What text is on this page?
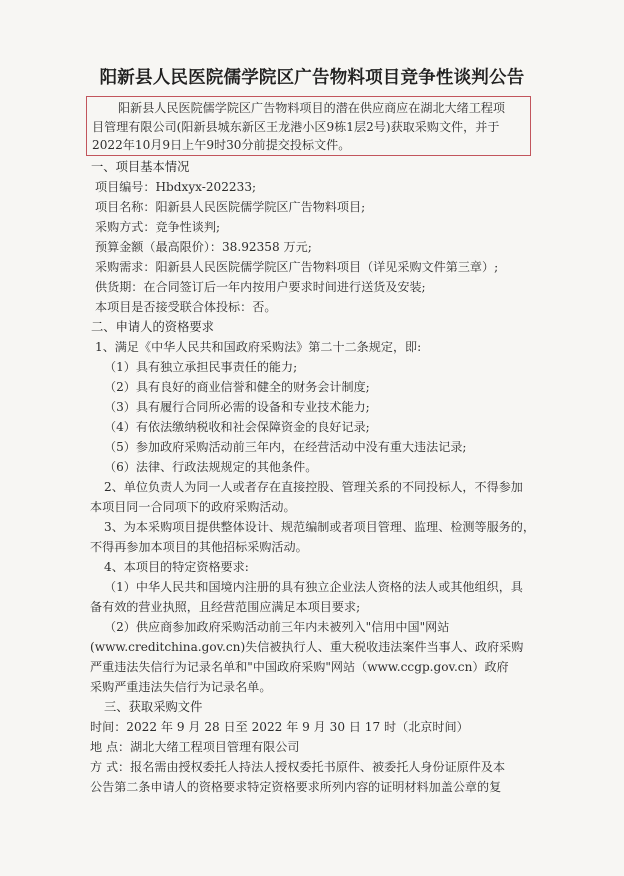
阳新县人民医院儒学院区广告物料项目竞争性谈判公告
阳新县人民医院儒学院区广告物料项目的潜在供应商应在湖北大绪工程项
目管理有限公司(阳新县城东新区王龙港小区9栋1层2号)获取采购文件，并于
2022年10月9日上午9时30分前提交投标文件。
一、项目基本情况
项目编号：Hbdxyx-202233;
项目名称：阳新县人民医院儒学院区广告物料项目;
采购方式：竞争性谈判;
预算金额（最高限价）：38.92358 万元;
采购需求：阳新县人民医院儒学院区广告物料项目（详见采购文件第三章）;
供货期：在合同签订后一年内按用户要求时间进行送货及安装;
本项目是否接受联合体投标：否。
二、申请人的资格要求
1、满足《中华人民共和国政府采购法》第二十二条规定，即:
（1）具有独立承担民事责任的能力;
（2）具有良好的商业信誉和健全的财务会计制度;
（3）具有履行合同所必需的设备和专业技术能力;
（4）有依法缴纳税收和社会保障资金的良好记录;
（5）参加政府采购活动前三年内，在经营活动中没有重大违法记录;
（6）法律、行政法规规定的其他条件。
2、单位负责人为同一人或者存在直接控股、管理关系的不同投标人，不得参加
本项目同一合同项下的政府采购活动。
3、为本采购项目提供整体设计、规范编制或者项目管理、监理、检测等服务的，
不得再参加本项目的其他招标采购活动。
4、本项目的特定资格要求:
（1）中华人民共和国境内注册的具有独立企业法人资格的法人或其他组织，具
备有效的营业执照，且经营范围应满足本项目要求;
（2）供应商参加政府采购活动前三年内未被列入"信用中国"网站
(www.creditchina.gov.cn)失信被执行人、重大税收违法案件当事人、政府采购
严重违法失信行为记录名单和"中国政府采购"网站（www.ccgp.gov.cn）政府
采购严重违法失信行为记录名单。
三、获取采购文件
时间：2022 年 9 月 28 日至 2022 年 9 月 30 日 17 时（北京时间）
地 点：湖北大绪工程项目管理有限公司
方 式：报名需由授权委托人持法人授权委托书原件、被委托人身份证原件及本
公告第二条申请人的资格要求特定资格要求所列内容的证明材料加盖公章的复
